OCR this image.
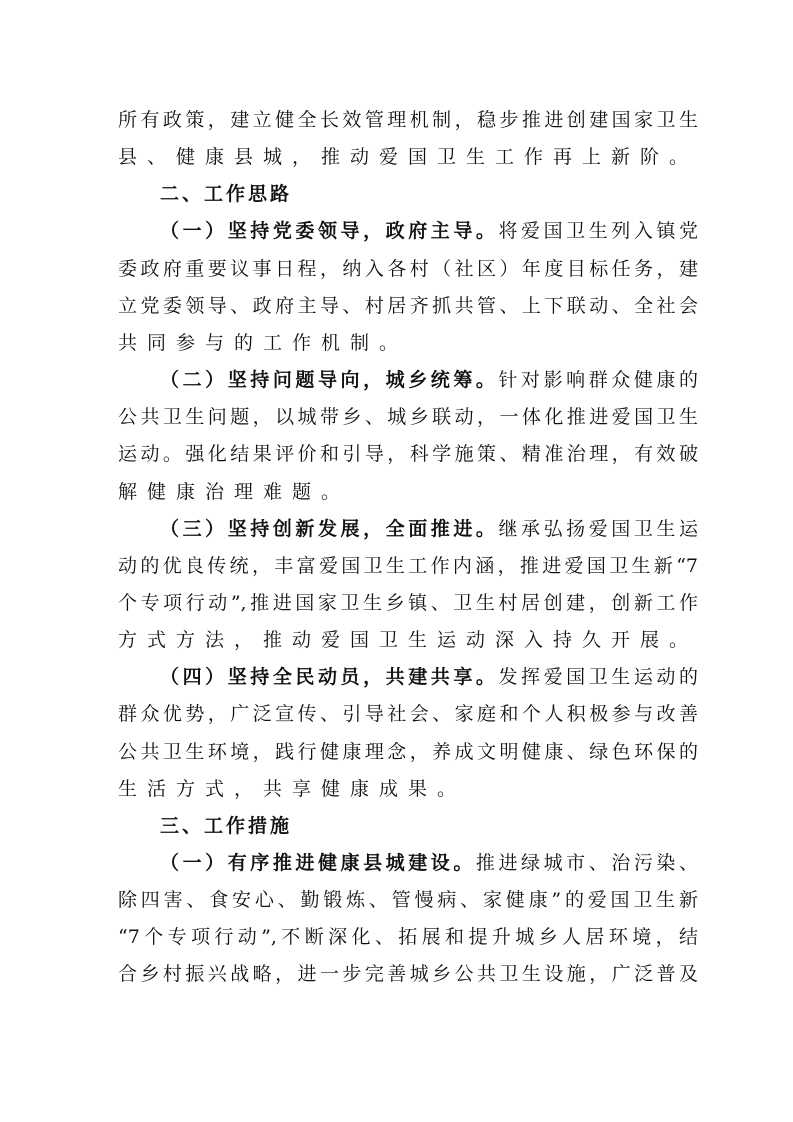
所有政策，建立健全长效管理机制，稳步推进创建国家卫生
县、健康县城，推动爱国卫生工作再上新阶。
二、工作思路
（一）坚持党委领导，政府主导。将爱国卫生列入镇党
委政府重要议事日程，纳入各村（社区）年度目标任务，建
立党委领导、政府主导、村居齐抓共管、上下联动、全社会
共同参与的工作机制。
（二）坚持问题导向，城乡统筹。针对影响群众健康的
公共卫生问题，以城带乡、城乡联动，一体化推进爱国卫生
运动。强化结果评价和引导，科学施策、精准治理，有效破
解健康治理难题。
（三）坚持创新发展，全面推进。继承弘扬爱国卫生运
动的优良传统，丰富爱国卫生工作内涵，推进爱国卫生新“7
个专项行动”,推进国家卫生乡镇、卫生村居创建，创新工作
方式方法，推动爱国卫生运动深入持久开展。
（四）坚持全民动员，共建共享。发挥爱国卫生运动的
群众优势，广泛宣传、引导社会、家庭和个人积极参与改善
公共卫生环境，践行健康理念，养成文明健康、绿色环保的
生活方式，共享健康成果。
三、工作措施
（一）有序推进健康县城建设。推进绿城市、治污染、
除四害、食安心、勤锻炼、管慢病、家健康”的爱国卫生新
“7个专项行动”,不断深化、拓展和提升城乡人居环境，结
合乡村振兴战略，进一步完善城乡公共卫生设施，广泛普及
